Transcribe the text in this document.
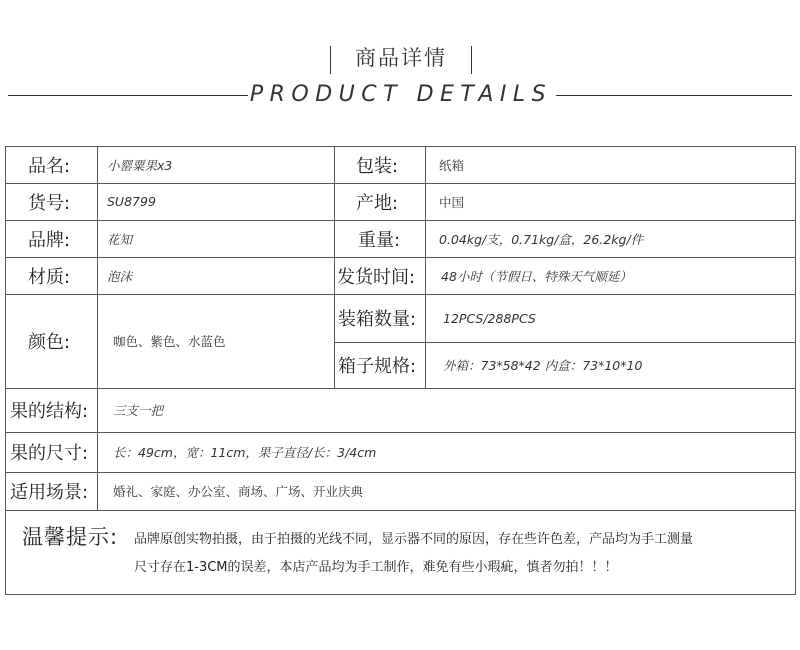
商品详情
PRODUCT DETAILS
品名:	小罂粟果x3	包装:	纸箱
货号:	SU8799	产地:	中国
品牌:	花知	重量:	0.04kg/支，0.71kg/盒，26.2kg/件
材质:	泡沫	发货时间: 48小时（节假日、特殊天气顺延）
颜色:	咖色、紫色、水蓝色
装箱数量: 12PCS/288PCS
箱子规格: 外箱：73*58*42 内盒：73*10*10
果的结构: 三支一把
果的尺寸: 长：49cm，宽：11cm，果子直径/长：3/4cm
适用场景: 婚礼、家庭、办公室、商场、广场、开业庆典
温馨提示: 品牌原创实物拍摄，由于拍摄的光线不同，显示器不同的原因，存在些许色差，产品均为手工测量
尺寸存在1-3CM的误差，本店产品均为手工制作，难免有些小瑕疵，慎者勿拍！！！
